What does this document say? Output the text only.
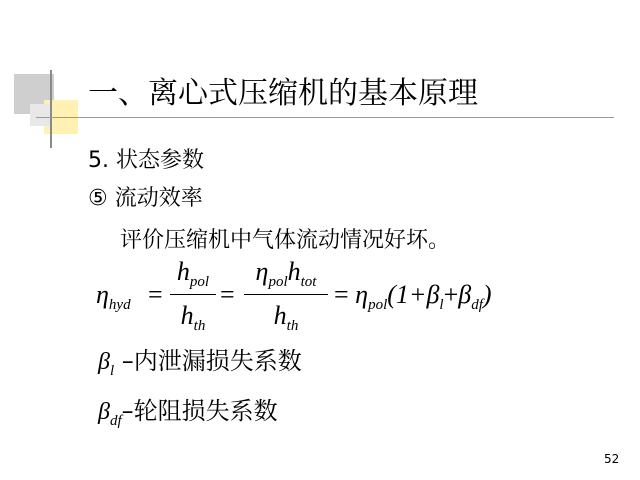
一、离心式压缩机的基本原理
5. 状态参数
⑤ 流动效率
评价压缩机中气体流动情况好坏。
$\eta_{hyd}$ =
$h_{pol}$
$h_{th}$
=
$\eta_{pol}h_{tot}$
$h_{th}$
= $\eta_{pol}(1+\beta_l+\beta_{df})$
$\beta_l$ –内泄漏损失系数
$\beta_{df}-$轮阻损失系数
52
